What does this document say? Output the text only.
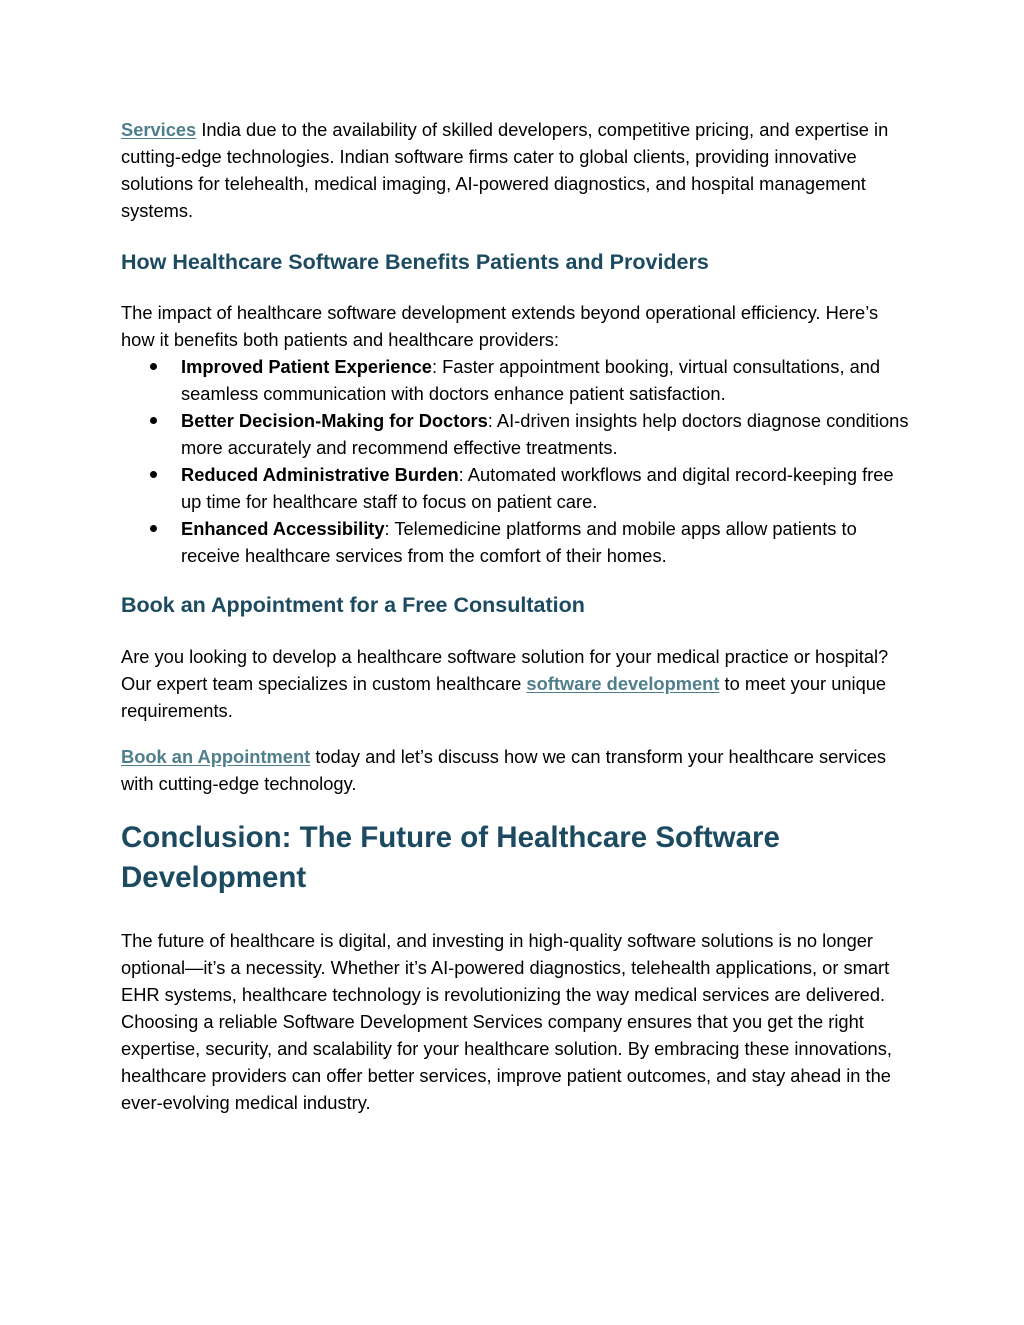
Services India due to the availability of skilled developers, competitive pricing, and expertise in cutting-edge technologies. Indian software firms cater to global clients, providing innovative solutions for telehealth, medical imaging, AI-powered diagnostics, and hospital management systems.

How Healthcare Software Benefits Patients and Providers

The impact of healthcare software development extends beyond operational efficiency. Here’s how it benefits both patients and healthcare providers:

Improved Patient Experience: Faster appointment booking, virtual consultations, and seamless communication with doctors enhance patient satisfaction.
Better Decision-Making for Doctors: AI-driven insights help doctors diagnose conditions more accurately and recommend effective treatments.
Reduced Administrative Burden: Automated workflows and digital record-keeping free up time for healthcare staff to focus on patient care.
Enhanced Accessibility: Telemedicine platforms and mobile apps allow patients to receive healthcare services from the comfort of their homes.
Book an Appointment for a Free Consultation

Are you looking to develop a healthcare software solution for your medical practice or hospital? Our expert team specializes in custom healthcare software development to meet your unique requirements.

Book an Appointment today and let’s discuss how we can transform your healthcare services with cutting-edge technology.

Conclusion: The Future of Healthcare Software
Development

The future of healthcare is digital, and investing in high-quality software solutions is no longer optional—it’s a necessity. Whether it’s AI-powered diagnostics, telehealth applications, or smart EHR systems, healthcare technology is revolutionizing the way medical services are delivered. Choosing a reliable Software Development Services company ensures that you get the right expertise, security, and scalability for your healthcare solution. By embracing these innovations, healthcare providers can offer better services, improve patient outcomes, and stay ahead in the ever-evolving medical industry.
